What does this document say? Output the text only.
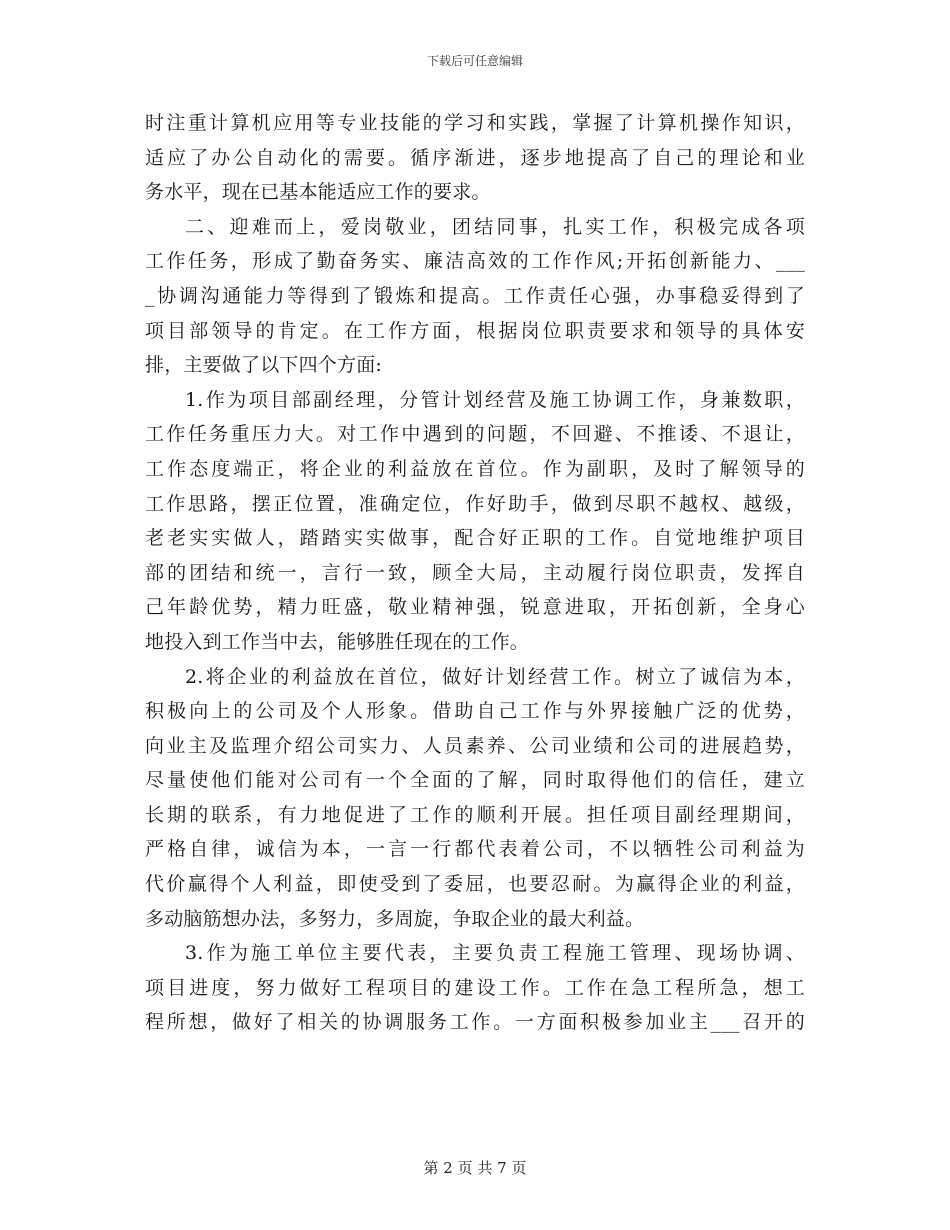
下载后可任意编辑
时注重计算机应用等专业技能的学习和实践，掌握了计算机操作知识，
适应了办公自动化的需要。循序渐进，逐步地提高了自己的理论和业
务水平，现在已基本能适应工作的要求。
二、迎难而上，爱岗敬业，团结同事，扎实工作，积极完成各项
工作任务，形成了勤奋务实、廉洁高效的工作作风;开拓创新能力、___
_协调沟通能力等得到了锻炼和提高。工作责任心强，办事稳妥得到了
项目部领导的肯定。在工作方面，根据岗位职责要求和领导的具体安
排，主要做了以下四个方面:
1.作为项目部副经理，分管计划经营及施工协调工作，身兼数职，
工作任务重压力大。对工作中遇到的问题，不回避、不推诿、不退让，
工作态度端正，将企业的利益放在首位。作为副职，及时了解领导的
工作思路，摆正位置，准确定位，作好助手，做到尽职不越权、越级，
老老实实做人，踏踏实实做事，配合好正职的工作。自觉地维护项目
部的团结和统一，言行一致，顾全大局，主动履行岗位职责，发挥自
己年龄优势，精力旺盛，敬业精神强，锐意进取，开拓创新，全身心
地投入到工作当中去，能够胜任现在的工作。
2.将企业的利益放在首位，做好计划经营工作。树立了诚信为本，
积极向上的公司及个人形象。借助自己工作与外界接触广泛的优势，
向业主及监理介绍公司实力、人员素养、公司业绩和公司的进展趋势，
尽量使他们能对公司有一个全面的了解，同时取得他们的信任，建立
长期的联系，有力地促进了工作的顺利开展。担任项目副经理期间，
严格自律，诚信为本，一言一行都代表着公司，不以牺牲公司利益为
代价赢得个人利益，即使受到了委屈，也要忍耐。为赢得企业的利益，
多动脑筋想办法，多努力，多周旋，争取企业的最大利益。
3.作为施工单位主要代表，主要负责工程施工管理、现场协调、
项目进度，努力做好工程项目的建设工作。工作在急工程所急，想工
程所想，做好了相关的协调服务工作。一方面积极参加业主___召开的
第 2 页 共 7 页
